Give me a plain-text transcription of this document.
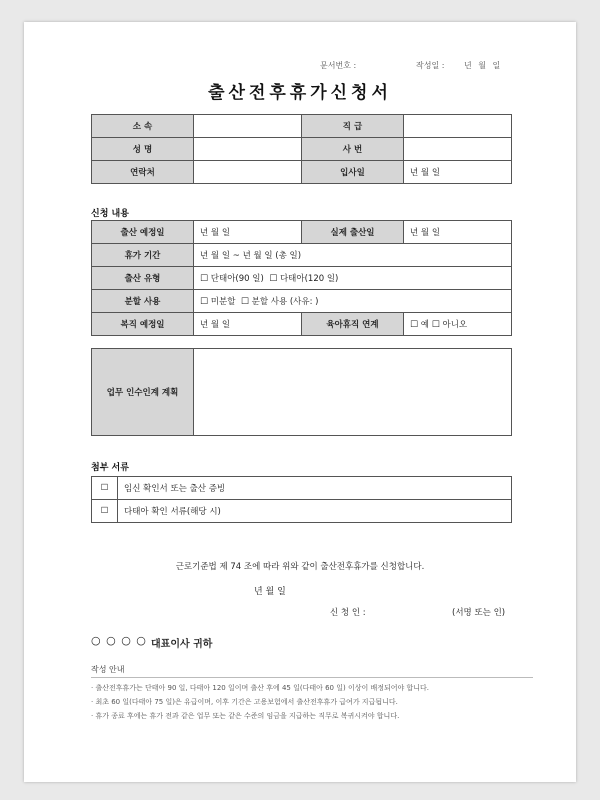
문서번호 :	작성일 : 년 월 일
출산전후휴가신청서
소 속		직 급	
성 명		사 번	
연락처		입사일	년 월 일
신청 내용
출산 예정일	년 월 일	실제 출산일	년 월 일
휴가 기간	년 월 일 ~ 년 월 일 (총 일)		
출산 유형	☐ 단태아(90 일) ☐ 다태아(120 일)		
분할 사용	☐ 미분할 ☐ 분할 사용 (사유: )		
복직 예정일	년 월 일	육아휴직 연계	☐ 예 ☐ 아니오
업무 인수인계 계획	
첨부 서류
☐	임신 확인서 또는 출산 증빙
☐	다태아 확인 서류(해당 시)
근로기준법 제 74 조에 따라 위와 같이 출산전후휴가를 신청합니다.
년 월 일
신 청 인 :	(서명 또는 인)
○ ○ ○ ○ 대표이사 귀하
작성 안내
· 출산전후휴가는 단태아 90 일, 다태아 120 일이며 출산 후에 45 일(다태아 60 일) 이상이 배정되어야 합니다.
· 최초 60 일(다태아 75 일)은 유급이며, 이후 기간은 고용보험에서 출산전후휴가 급여가 지급됩니다.
· 휴가 종료 후에는 휴가 전과 같은 업무 또는 같은 수준의 임금을 지급하는 직무로 복귀시켜야 합니다.
